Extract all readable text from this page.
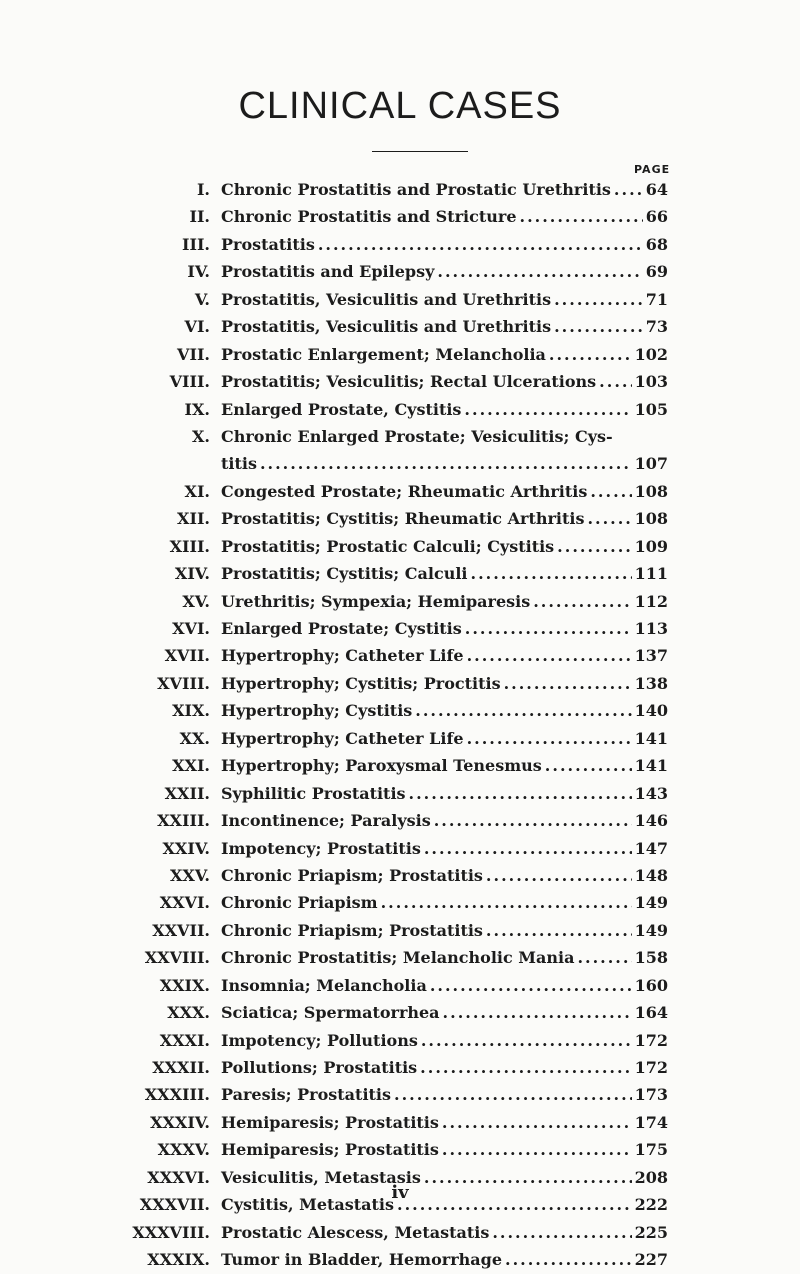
CLINICAL CASES
PAGE
I. Chronic Prostatitis and Prostatic Urethritis ..... 64
II. Chronic Prostatitis and Stricture .....	66
III. Prostatitis .....	68
IV. Prostatitis and Epilepsy .....	69
V. Prostatitis, Vesiculitis and Urethritis .....	71
VI. Prostatitis, Vesiculitis and Urethritis .....	73
VII. Prostatic Enlargement; Melancholia .....	102
VIII. Prostatitis; Vesiculitis; Rectal Ulcerations ..... 103
IX. Enlarged Prostate, Cystitis .....	105
X. Chronic Enlarged Prostate; Vesiculitis; Cys-
titis .....	107
XI. Congested Prostate; Rheumatic Arthritis .....	108
XII. Prostatitis; Cystitis; Rheumatic Arthritis .....	108
XIII. Prostatitis; Prostatic Calculi; Cystitis .....	109
XIV. Prostatitis; Cystitis; Calculi .....	111
XV. Urethritis; Sympexia; Hemiparesis .....	112
XVI. Enlarged Prostate; Cystitis .....	113
XVII. Hypertrophy; Catheter Life .....	137
XVIII. Hypertrophy; Cystitis; Proctitis .....	138
XIX. Hypertrophy; Cystitis .....	140
XX. Hypertrophy; Catheter Life .....	141
XXI. Hypertrophy; Paroxysmal Tenesmus .....	141
XXII. Syphilitic Prostatitis .....	143
XXIII. Incontinence; Paralysis .....	146
XXIV. Impotency; Prostatitis .....	147
XXV. Chronic Priapism; Prostatitis .....	148
XXVI. Chronic Priapism .....	149
XXVII. Chronic Priapism; Prostatitis .....	149
XXVIII. Chronic Prostatitis; Melancholic Mania .....	158
XXIX. Insomnia; Melancholia .....	160
XXX. Sciatica; Spermatorrhea .....	164
XXXI. Impotency; Pollutions .....	172
XXXII. Pollutions; Prostatitis .....	172
XXXIII. Paresis; Prostatitis .....	173
XXXIV. Hemiparesis; Prostatitis .....	174
XXXV. Hemiparesis; Prostatitis .....	175
XXXVI. Vesiculitis, Metastasis .....	208
XXXVII. Cystitis, Metastatis .....	222
XXXVIII. Prostatic Alescess, Metastatis .....	225
XXXIX. Tumor in Bladder, Hemorrhage .....	227
iv
